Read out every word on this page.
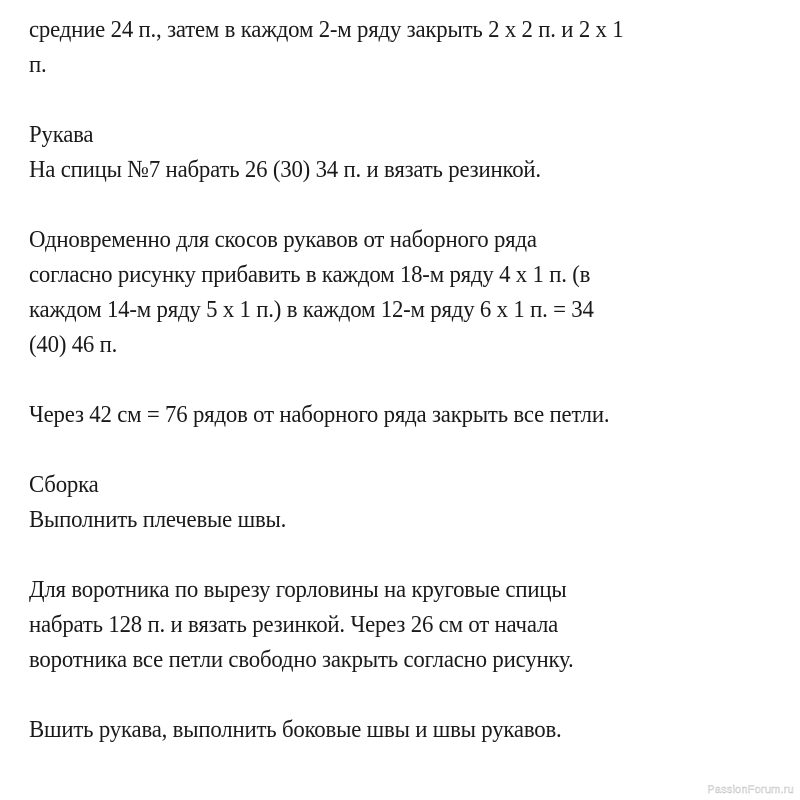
средние 24 п., затем в каждом 2-м ряду закрыть 2 x 2 п. и 2 x 1
п.
Рукава
На спицы №7 набрать 26 (30) 34 п. и вязать резинкой.
Одновременно для скосов рукавов от наборного ряда
согласно рисунку прибавить в каждом 18-м ряду 4 x 1 п. (в
каждом 14-м ряду 5 x 1 п.) в каждом 12-м ряду 6 x 1 п. = 34
(40) 46 п.
Через 42 см = 76 рядов от наборного ряда закрыть все петли.
Сборка
Выполнить плечевые швы.
Для воротника по вырезу горловины на круговые спицы
набрать 128 п. и вязать резинкой. Через 26 см от начала
воротника все петли свободно закрыть согласно рисунку.
Вшить рукава, выполнить боковые швы и швы рукавов.
PassionForum.ru
